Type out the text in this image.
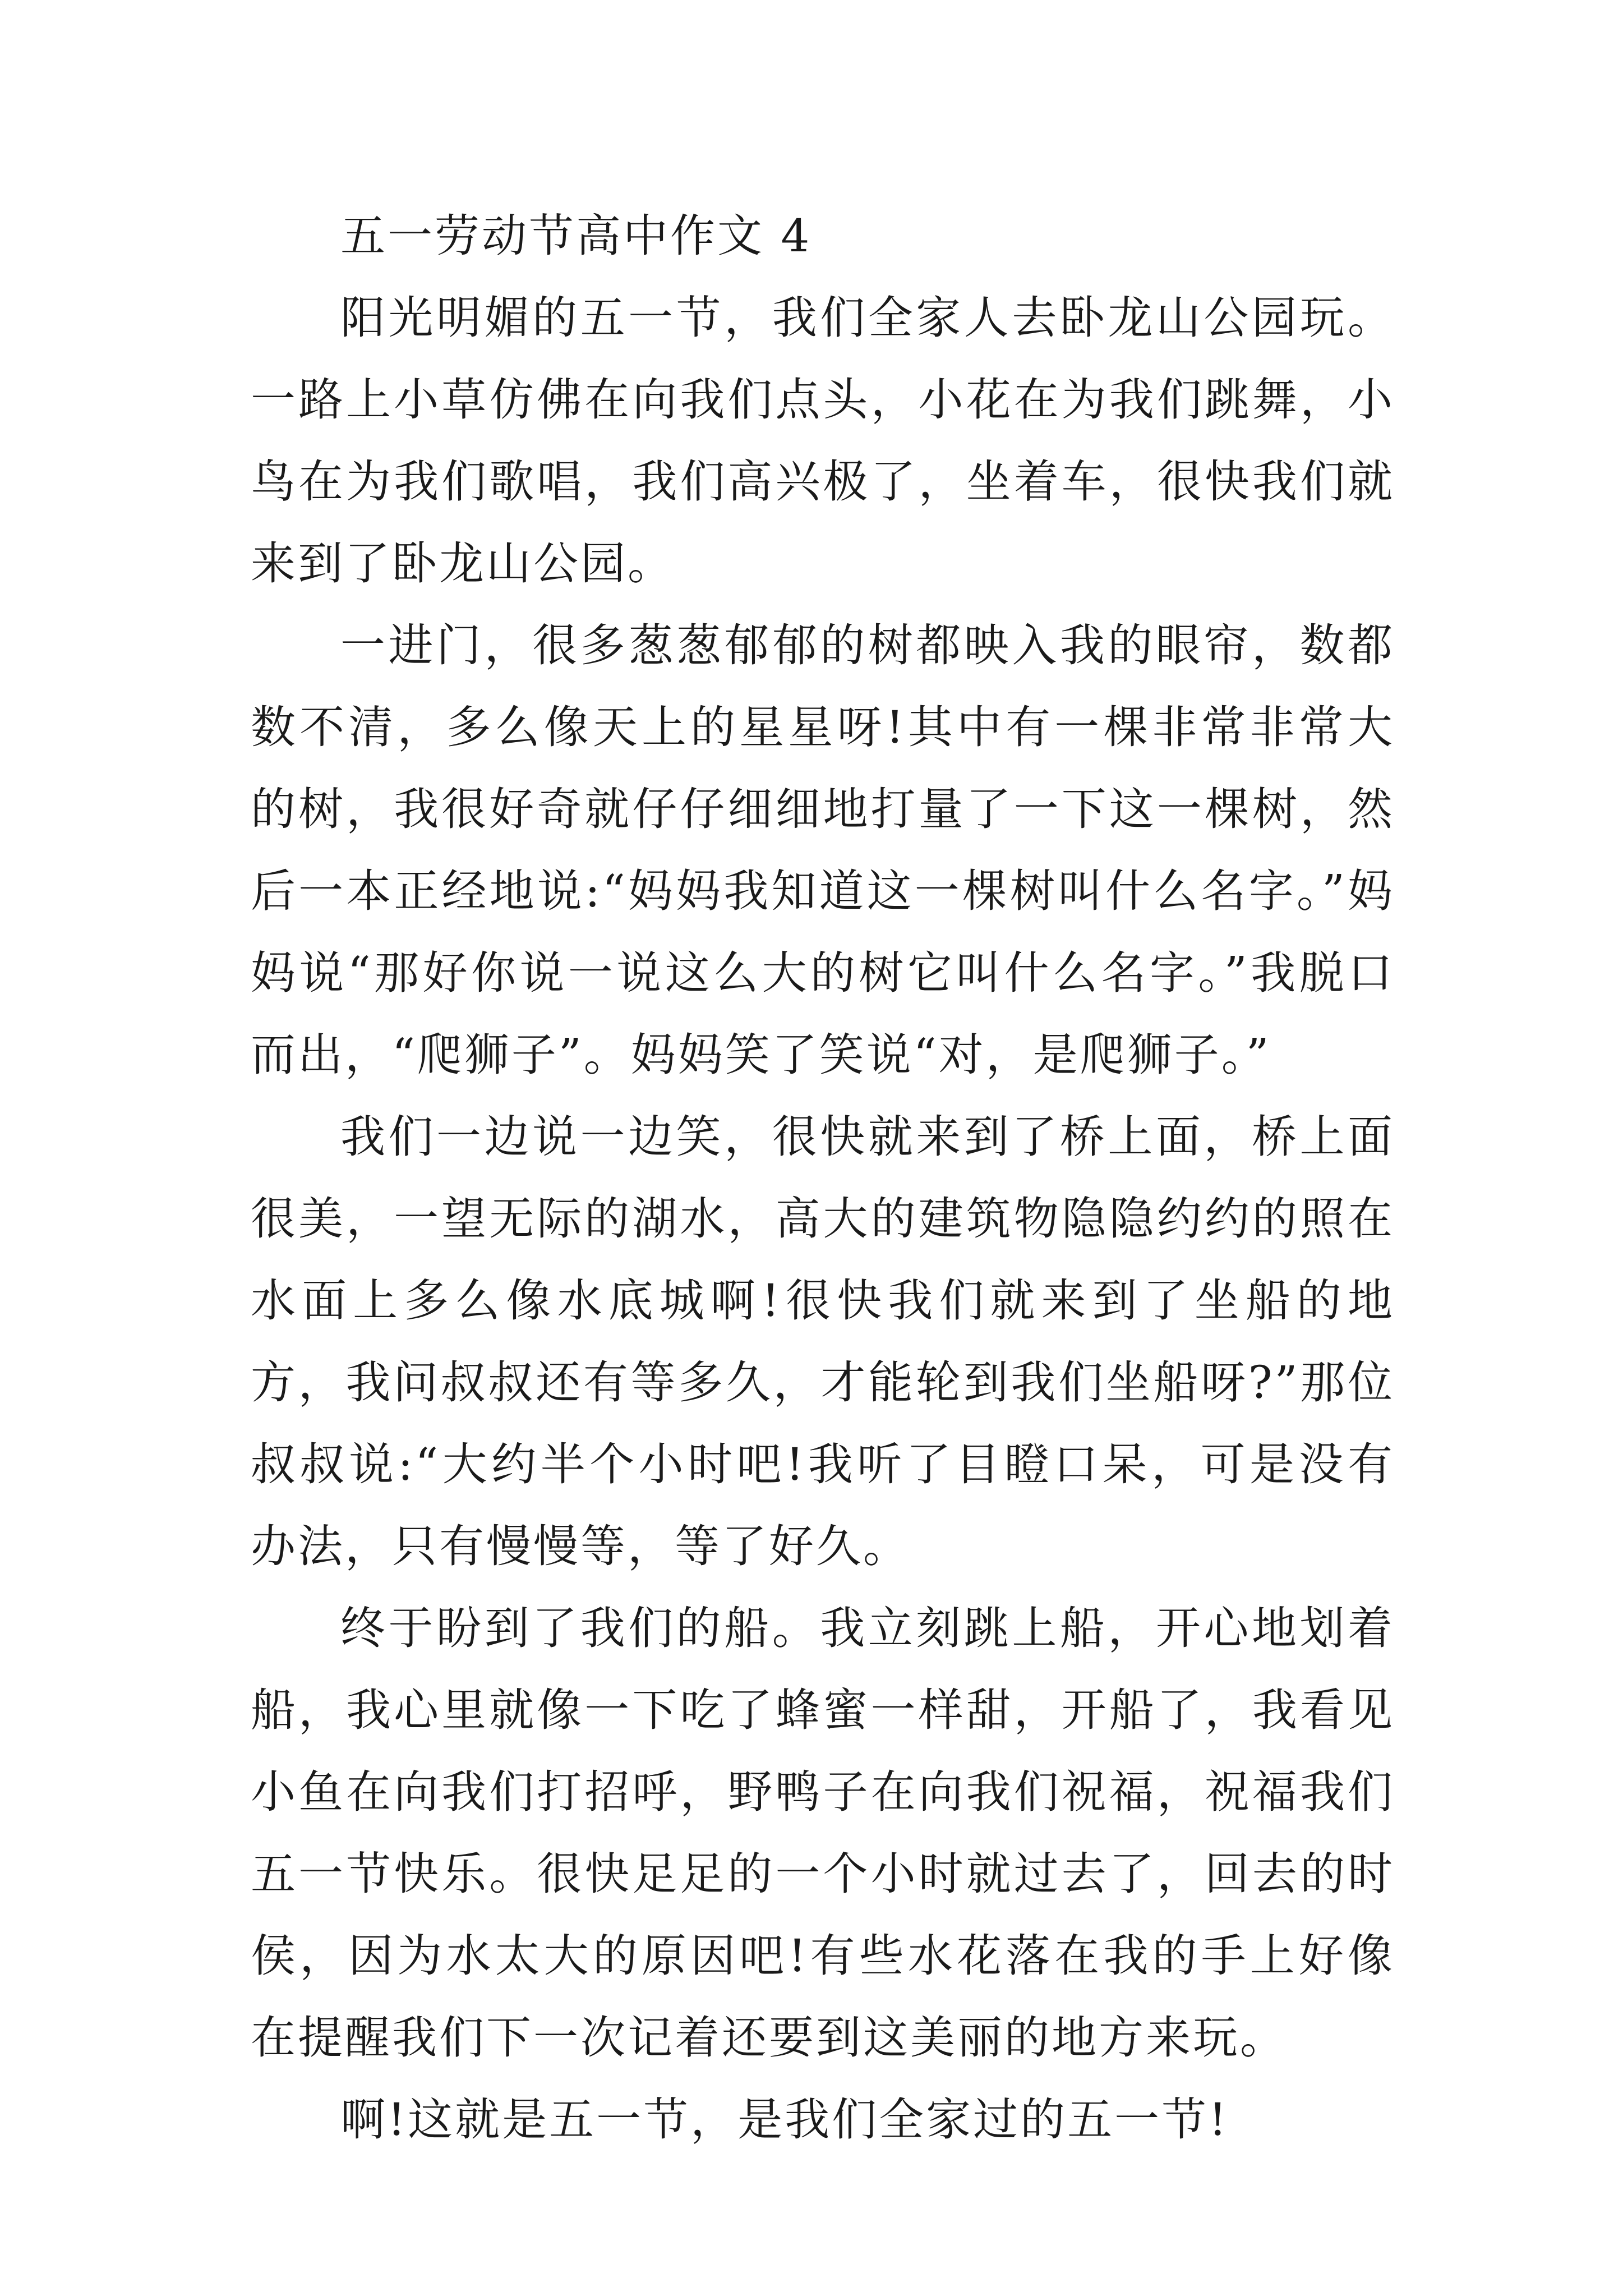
五一劳动节高中作文 4

阳光明媚的五一节，我们全家人去卧龙山公园玩。一路上小草仿佛在向我们点头，小花在为我们跳舞，小鸟在为我们歌唱，我们高兴极了，坐着车，很快我们就来到了卧龙山公园。

一进门，很多葱葱郁郁的树都映入我的眼帘，数都数不清，多么像天上的星星呀!其中有一棵非常非常大的树，我很好奇就仔仔细细地打量了一下这一棵树，然后一本正经地说:“妈妈我知道这一棵树叫什么名字。”妈妈说“那好你说一说这么大的树它叫什么名字。”我脱口而出，“爬狮子”。妈妈笑了笑说“对，是爬狮子。”

我们一边说一边笑，很快就来到了桥上面，桥上面很美，一望无际的湖水，高大的建筑物隐隐约约的照在水面上多么像水底城啊!很快我们就来到了坐船的地方，我问叔叔还有等多久，才能轮到我们坐船呀?”那位叔叔说:“大约半个小时吧!我听了目瞪口呆，可是没有办法，只有慢慢等，等了好久。

终于盼到了我们的船。我立刻跳上船，开心地划着船，我心里就像一下吃了蜂蜜一样甜，开船了，我看见小鱼在向我们打招呼，野鸭子在向我们祝福，祝福我们五一节快乐。很快足足的一个小时就过去了，回去的时侯，因为水太大的原因吧!有些水花落在我的手上好像在提醒我们下一次记着还要到这美丽的地方来玩。

啊!这就是五一节，是我们全家过的五一节!
